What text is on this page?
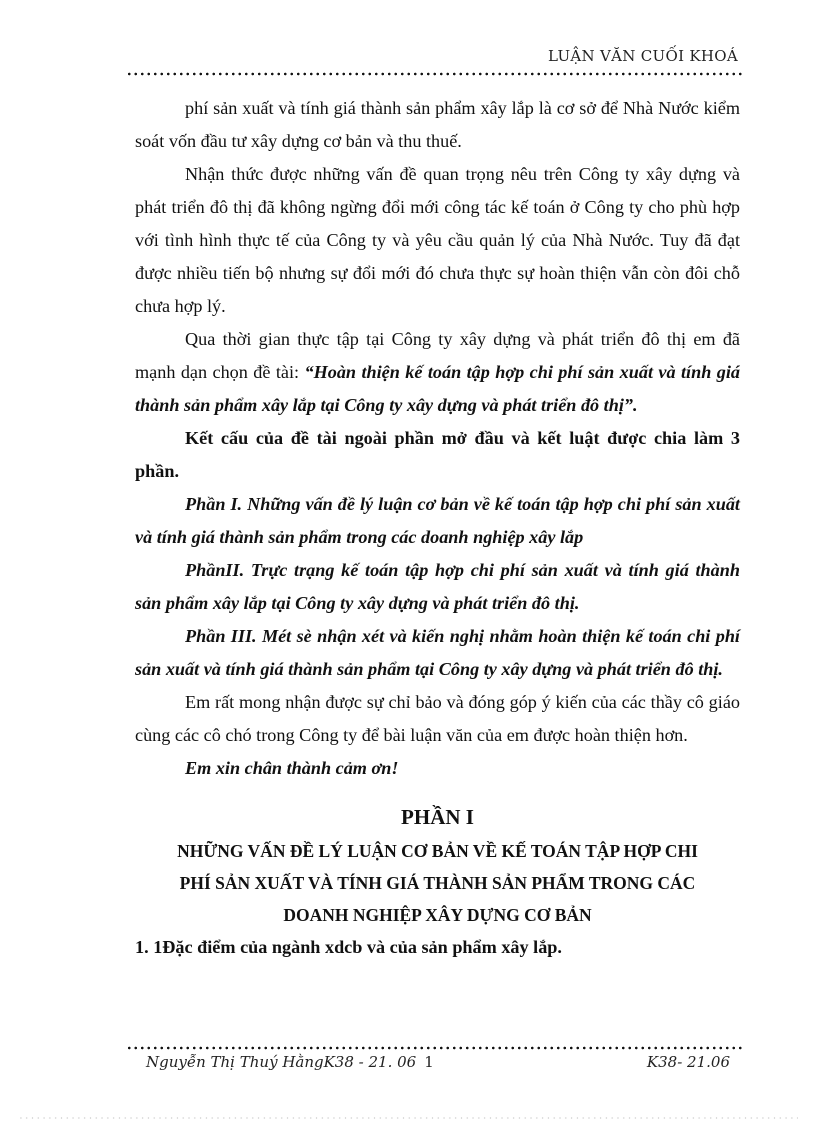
LUẬN VĂN CUỐI KHOÁ

phí sản xuất và tính giá thành sản phẩm xây lắp là cơ sở để Nhà Nước kiểm soát vốn đầu tư xây dựng cơ bản và thu thuế.

Nhận thức được những vấn đề quan trọng nêu trên Công ty xây dựng và phát triển đô thị đã không ngừng đổi mới công tác kế toán ở Công ty cho phù hợp với tình hình thực tế của Công ty và yêu cầu quản lý của Nhà Nước. Tuy đã đạt được nhiều tiến bộ nhưng sự đổi mới đó chưa thực sự hoàn thiện vẫn còn đôi chỗ chưa hợp lý.

Qua thời gian thực tập tại Công ty xây dựng và phát triển đô thị em đã mạnh dạn chọn đề tài: “Hoàn thiện kế toán tập hợp chi phí sản xuất và tính giá thành sản phẩm xây lắp tại Công ty xây dựng và phát triển đô thị”.

Kết cấu của đề tài ngoài phần mở đầu và kết luật được chia làm 3 phần.

Phần I. Những vấn đề lý luận cơ bản về kế toán tập hợp chi phí sản xuất và tính giá thành sản phẩm trong các doanh nghiệp xây lắp

PhầnII. Trực trạng kế toán tập hợp chi phí sản xuất và tính giá thành sản phẩm xây lắp tại Công ty xây dựng và phát triển đô thị.

Phần III. Mét sè nhận xét và kiến nghị nhằm hoàn thiện kế toán chi phí sản xuất và tính giá thành sản phẩm tại Công ty xây dựng và phát triển đô thị.

Em rất mong nhận được sự chỉ bảo và đóng góp ý kiến của các thầy cô giáo cùng các cô chó trong Công ty để bài luận văn của em được hoàn thiện hơn.

Em xin chân thành cảm ơn!

PHẦN I

NHỮNG VẤN ĐỀ LÝ LUẬN CƠ BẢN VỀ KẾ TOÁN TẬP HỢP CHI
PHÍ SẢN XUẤT VÀ TÍNH GIÁ THÀNH SẢN PHẨM TRONG CÁC
DOANH NGHIỆP XÂY DỰNG CƠ BẢN

1. 1Đặc điểm của ngành xdcb và của sản phẩm xây lắp.

Nguyễn Thị Thuý HằngK38 - 21. 06 1	K38- 21.06
